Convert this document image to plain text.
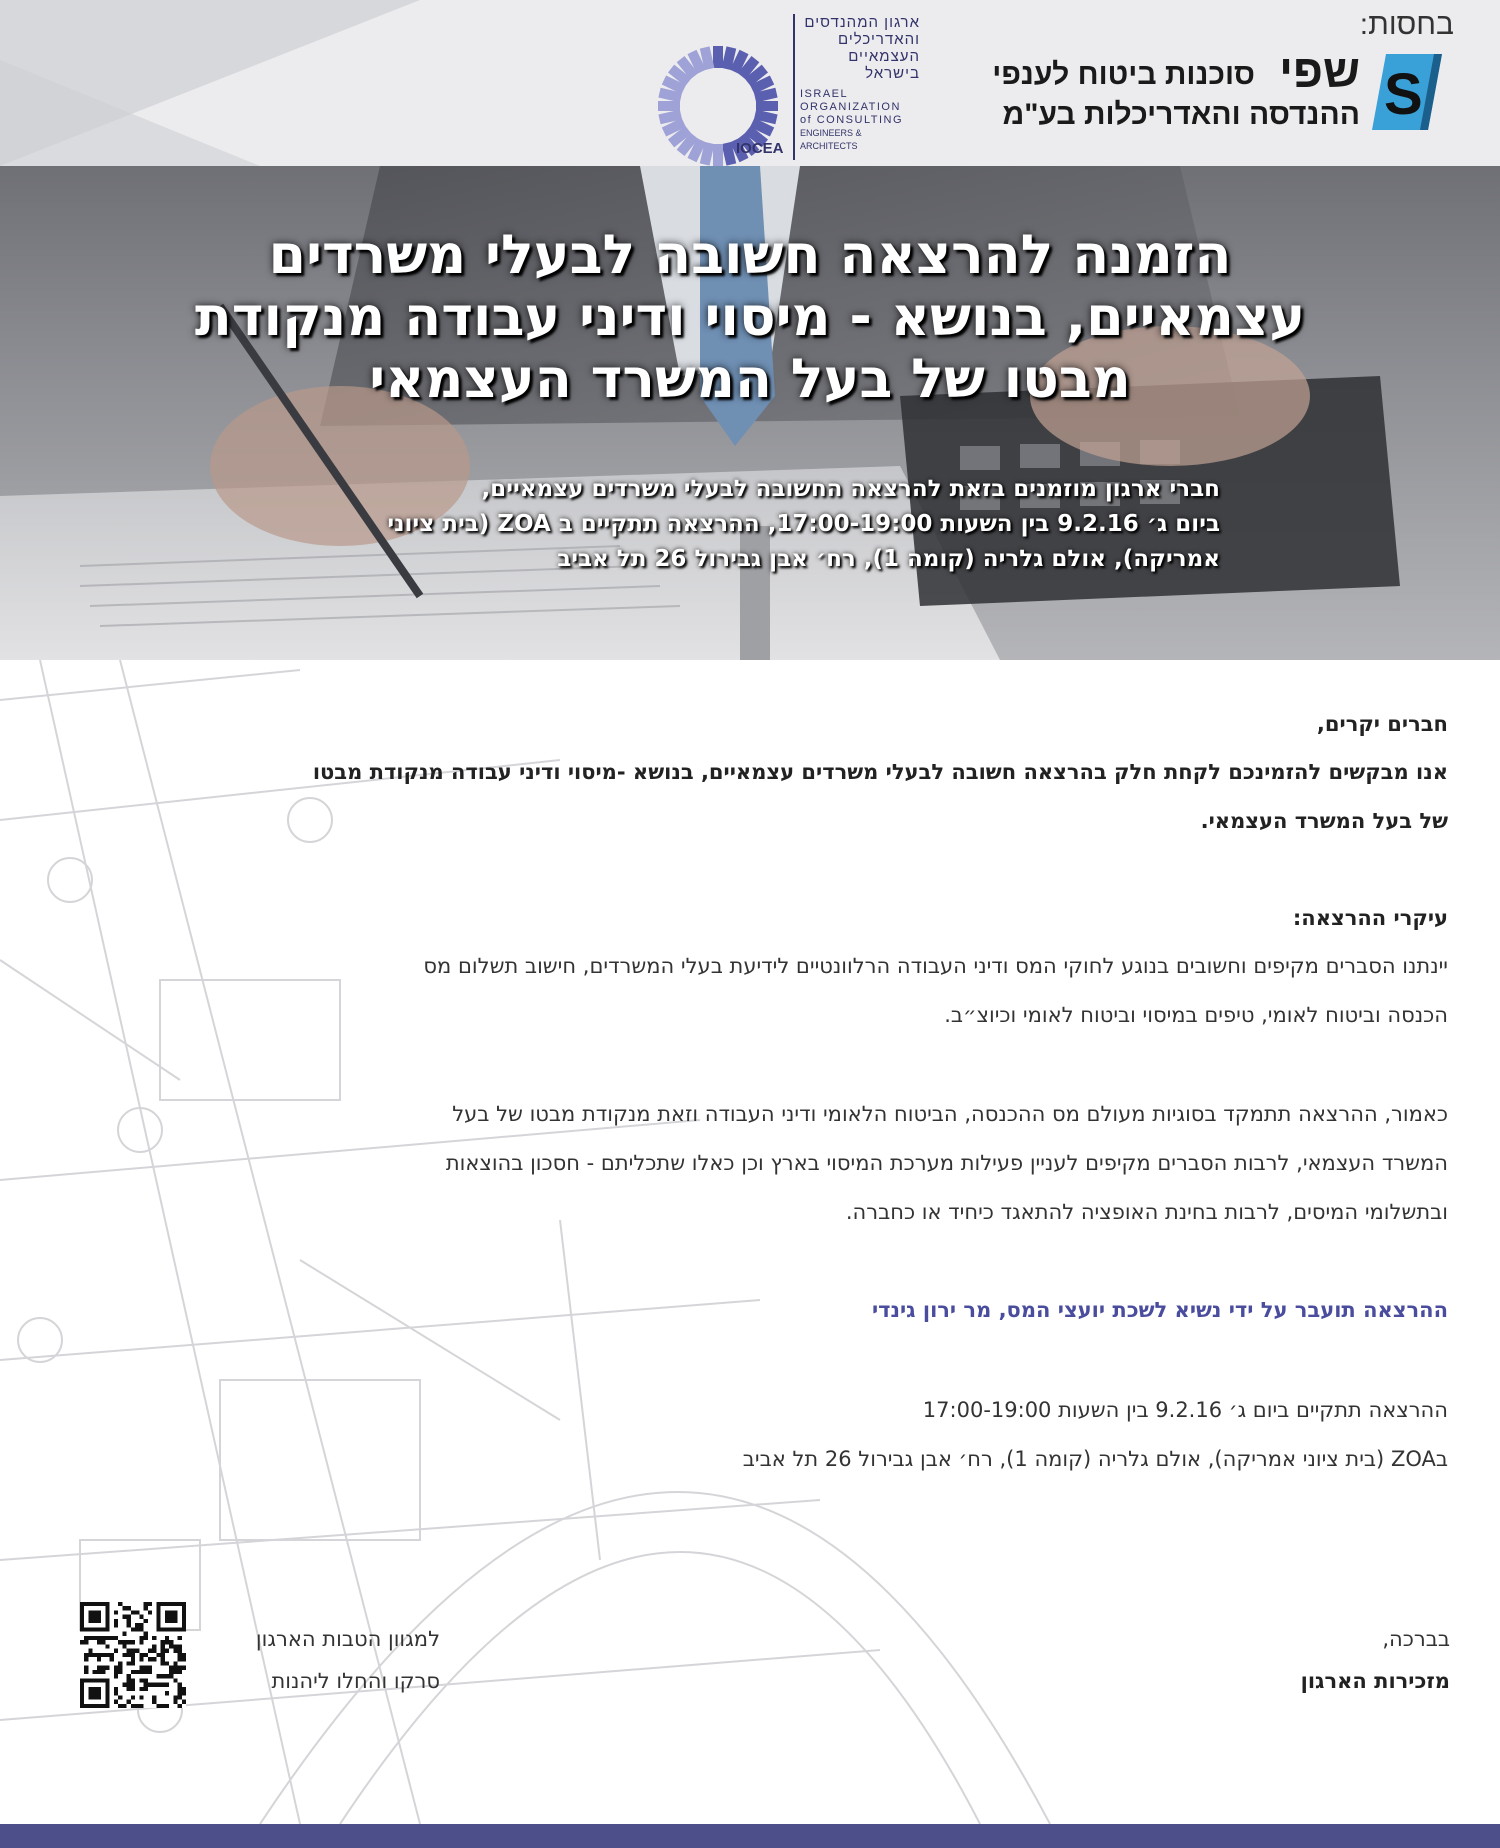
בחסות:
S
שפי
סוכנות ביטוח לענפי
ההנדסה והאדריכלות בע"מ
ארגון המהנדסים
והאדריכלים
העצמאיים
בישראל
ISRAEL
ORGANIZATION
of CONSULTING
ENGINEERS & ARCHITECTS
IOCEA
הזמנה להרצאה חשובה לבעלי משרדים
עצמאיים, בנושא - מיסוי ודיני עבודה מנקודת
מבטו של בעל המשרד העצמאי
חברי ארגון מוזמנים בזאת להרצאה החשובה לבעלי משרדים עצמאיים,
ביום ג׳ 9.2.16 בין השעות 17:00-19:00, ההרצאה תתקיים ב ZOA (בית ציוני
אמריקה), אולם גלריה (קומה 1), רח׳ אבן גבירול 26 תל אביב
חברים יקרים,
אנו מבקשים להזמינכם לקחת חלק בהרצאה חשובה לבעלי משרדים עצמאיים, בנושא -מיסוי ודיני עבודה מנקודת מבטו
של בעל המשרד העצמאי.
עיקרי ההרצאה:
יינתנו הסברים מקיפים וחשובים בנוגע לחוקי המס ודיני העבודה הרלוונטיים לידיעת בעלי המשרדים, חישוב תשלום מס
הכנסה וביטוח לאומי, טיפים במיסוי וביטוח לאומי וכיוצ״ב.
כאמור, ההרצאה תתמקד בסוגיות מעולם מס ההכנסה, הביטוח הלאומי ודיני העבודה וזאת מנקודת מבטו של בעל
המשרד העצמאי, לרבות הסברים מקיפים לעניין פעילות מערכת המיסוי בארץ וכן כאלו שתכליתם - חסכון בהוצאות
ובתשלומי המיסים, לרבות בחינת האופציה להתאגד כיחיד או כחברה.
ההרצאה תועבר על ידי נשיא לשכת יועצי המס, מר ירון גינדי
ההרצאה תתקיים ביום ג׳ 9.2.16 בין השעות 17:00-19:00
בZOA (בית ציוני אמריקה), אולם גלריה (קומה 1), רח׳ אבן גבירול 26 תל אביב
בברכה,
מזכירות הארגון
למגוון הטבות הארגון
סרקו והחלו ליהנות
